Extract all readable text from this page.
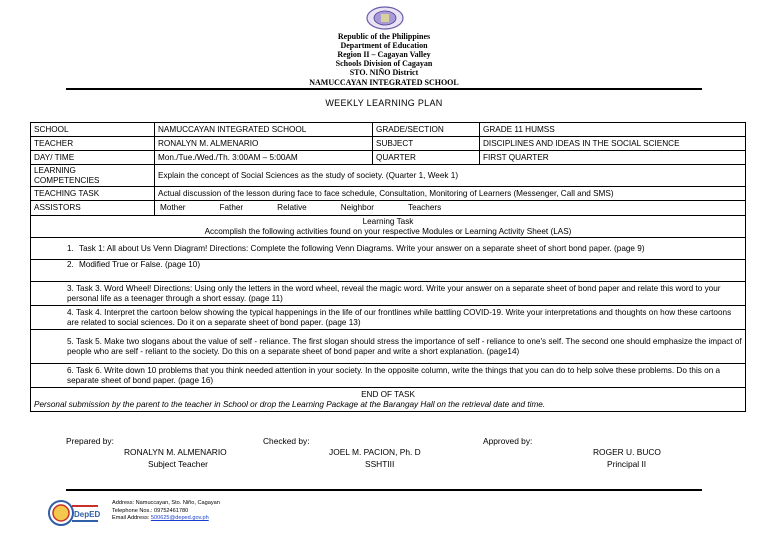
Republic of the Philippines
Department of Education
Region II – Cagayan Valley
Schools Division of Cagayan
STO. NIÑO District
NAMUCCAYAN INTEGRATED SCHOOL
WEEKLY LEARNING PLAN
SCHOOL	NAMUCCAYAN INTEGRATED SCHOOL	GRADE/SECTION	GRADE 11 HUMSS
TEACHER	RONALYN M. ALMENARIO	SUBJECT	DISCIPLINES AND IDEAS IN THE SOCIAL SCIENCE
DAY/ TIME	Mon./Tue./Wed./Th. 3:00AM – 5:00AM	QUARTER	FIRST QUARTER

LEARNING
COMPETENCIES	Explain the concept of Social Sciences as the study of society. (Quarter 1, Week 1)		
TEACHING TASK	Actual discussion of the lesson during face to face schedule, Consultation, Monitoring of Learners (Messenger, Call and SMS)		
ASSISTORS	Mother Father Relative Neighbor Teachers		

Learning Task
Accomplish the following activities found on your respective Modules or Learning Activity Sheet (LAS)			

1. Task 1: All about Us Venn Diagram! Directions: Complete the following Venn Diagrams. Write your answer on a separate sheet of short bond paper. (page 9)			

2. Modified True or False. (page 10)			

3. Task 3. Word Wheel! Directions: Using only the letters in the word wheel, reveal the magic word. Write your answer on a separate sheet of bond paper and relate this word to your personal life as a teenager through a short essay. (page 11)			
4. Task 4. Interpret the cartoon below showing the typical happenings in the life of our frontlines while battling COVID-19. Write your interpretations and thoughts on how these cartoons are related to social sciences. Do it on a separate sheet of bond paper. (page 13)			
5. Task 5. Make two slogans about the value of self - reliance. The first slogan should stress the importance of self - reliance to one's self. The second one should emphasize the impact of people who are self - reliant to the society. Do this on a separate sheet of bond paper and write a short explanation. (page14)			
6. Task 6. Write down 10 problems that you think needed attention in your society. In the opposite column, write the things that you can do to help solve these problems. Do this on a separate sheet of bond paper. (page 16)			

END OF TASK
Personal submission by the parent to the teacher in School or drop the Learning Package at the Barangay Hall on the retrieval date and time.			
Prepared by:
RONALYN M. ALMENARIO
Subject Teacher
Checked by:
JOEL M. PACION, Ph. D
SSHTIII
Approved by:
ROGER U. BUCO
Principal II
DepED
Address: Namuccayan, Sto. Niño, Cagayan
Telephone Nos.: 09752461780
Email Address: 500625@deped.gov.ph
